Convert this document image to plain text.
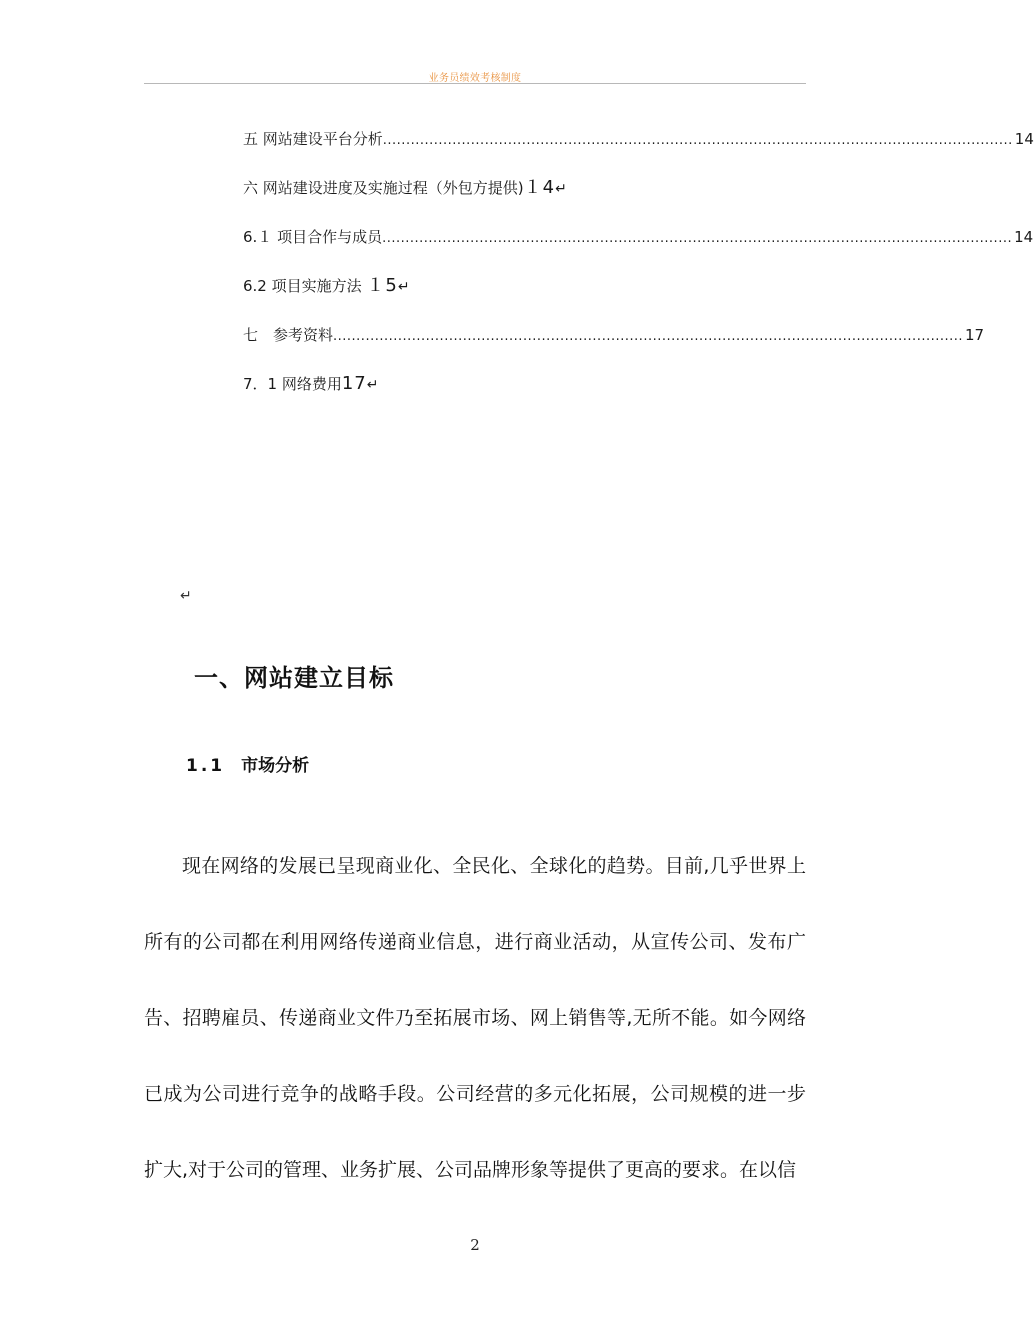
业务员绩效考核制度
五 网站建设平台分析 ........................................................................................................................................ 14
六 网站建设进度及实施过程（外包方提供)１4↵
6.１ 项目合作与成员 ........................................................................................................................................ 14
6.2 项目实施方法 １5↵
七　参考资料 ........................................................................................................................................ 17
7．1 网络费用17↵
↵
一、网站建立目标
1.1 市场分析
现在网络的发展已呈现商业化、全民化、全球化的趋势。目前,几乎世界上所有的公司都在利用网络传递商业信息，进行商业活动，从宣传公司、发布广告、招聘雇员、传递商业文件乃至拓展市场、网上销售等,无所不能。如今网络已成为公司进行竞争的战略手段。公司经营的多元化拓展，公司规模的进一步扩大,对于公司的管理、业务扩展、公司品牌形象等提供了更高的要求。在以信
2
